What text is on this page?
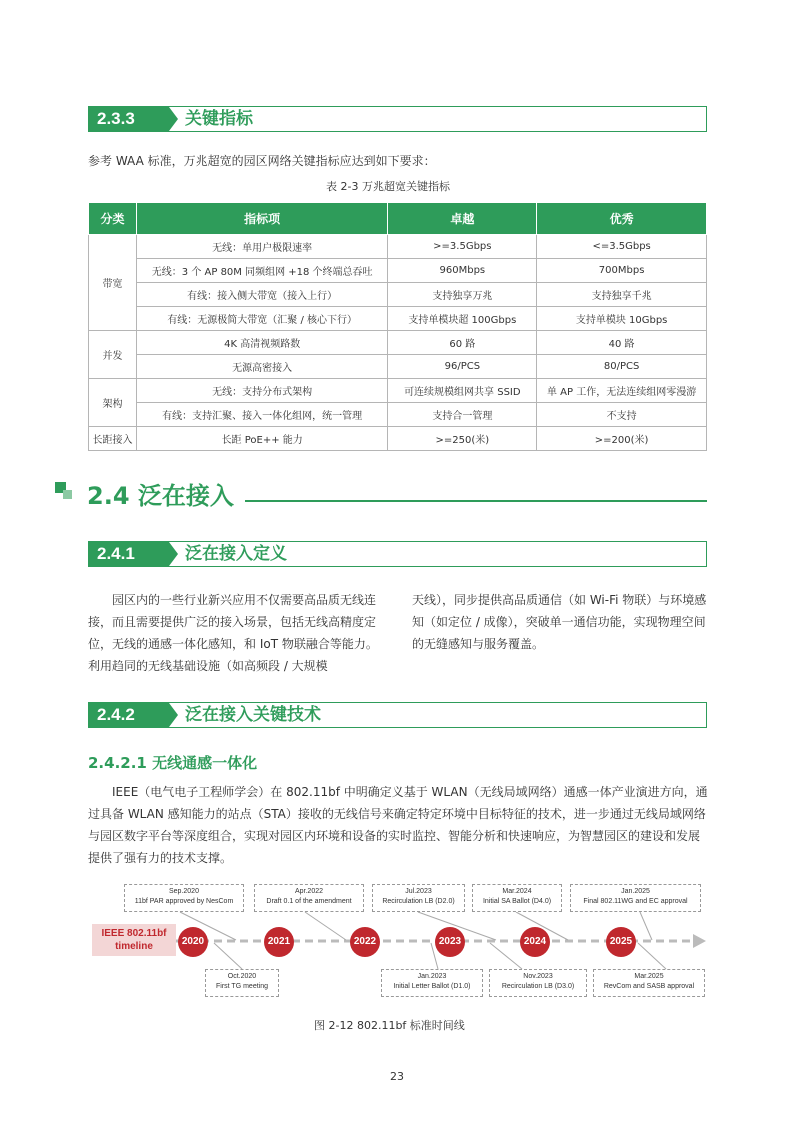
2.3.3	关键指标
参考 WAA 标准，万兆超宽的园区网络关键指标应达到如下要求：
表 2-3 万兆超宽关键指标
分类	指标项	卓越	优秀
带宽	无线：单用户极限速率	>=3.5Gbps	<=3.5Gbps
	无线：3 个 AP 80M 同频组网 +18 个终端总吞吐	960Mbps	700Mbps
	有线：接入侧大带宽（接入上行）	支持独享万兆	支持独享千兆
	有线：无源极简大带宽（汇聚 / 核心下行）	支持单模块超 100Gbps	支持单模块 10Gbps
并发	4K 高清视频路数	60 路	40 路
	无源高密接入	96/PCS	80/PCS
架构	无线：支持分布式架构	可连续规模组网共享 SSID	单 AP 工作，无法连续组网零漫游
	有线：支持汇聚、接入一体化组网，统一管理	支持合一管理	不支持
长距接入	长距 PoE++ 能力	>=250(米)	>=200(米)
2.4 泛在接入
2.4.1	泛在接入定义
园区内的一些行业新兴应用不仅需要高品质无线连接，而且需要提供广泛的接入场景，包括无线高精度定位，无线的通感一体化感知，和 IoT 物联融合等能力。利用趋同的无线基础设施（如高频段 / 大规模
天线），同步提供高品质通信（如 Wi-Fi 物联）与环境感知（如定位 / 成像），突破单一通信功能，实现物理空间的无缝感知与服务覆盖。
2.4.2	泛在接入关键技术
2.4.2.1 无线通感一体化
IEEE（电气电子工程师学会）在 802.11bf 中明确定义基于 WLAN（无线局域网络）通感一体产业演进方向，通过具备 WLAN 感知能力的站点（STA）接收的无线信号来确定特定环境中目标特征的技术，进一步通过无线局域网络与园区数字平台等深度组合，实现对园区内环境和设备的实时监控、智能分析和快速响应，为智慧园区的建设和发展提供了强有力的技术支撑。
IEEE 802.11bf
timeline	2020	2021	2022	2023	2024	2025
Sep.2020
11bf PAR approved by NesCom
Apr.2022
Draft 0.1 of the amendment
Jul.2023
Recirculation LB (D2.0)
Mar.2024
Initial SA Ballot (D4.0)
Jan.2025
Final 802.11WG and EC approval
Oct.2020
First TG meeting
Jan.2023
Initial Letter Ballot (D1.0)
Nov.2023
Recirculation LB (D3.0)
Mar.2025
RevCom and SASB approval
图 2-12 802.11bf 标准时间线
23
